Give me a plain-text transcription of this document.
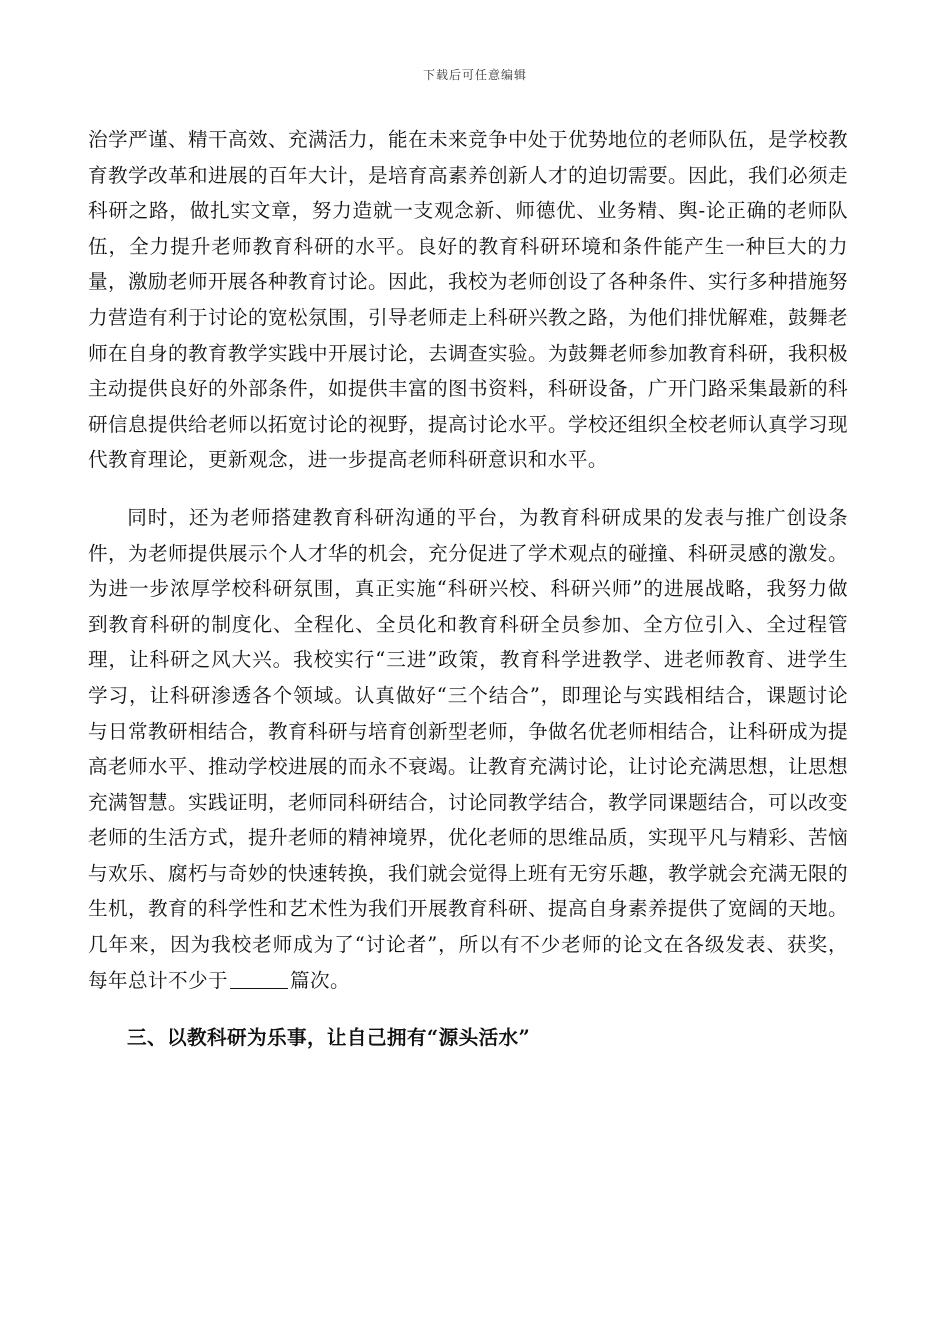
下载后可任意编辑

治学严谨、精干高效、充满活力，能在未来竞争中处于优势地位的老师队伍，是学校教育教学改革和进展的百年大计，是培育高素养创新人才的迫切需要。因此，我们必须走科研之路，做扎实文章，努力造就一支观念新、师德优、业务精、舆-论正确的老师队伍，全力提升老师教育科研的水平。良好的教育科研环境和条件能产生一种巨大的力量，激励老师开展各种教育讨论。因此，我校为老师创设了各种条件、实行多种措施努力营造有利于讨论的宽松氛围，引导老师走上科研兴教之路，为他们排忧解难，鼓舞老师在自身的教育教学实践中开展讨论，去调查实验。为鼓舞老师参加教育科研，我积极主动提供良好的外部条件，如提供丰富的图书资料，科研设备，广开门路采集最新的科研信息提供给老师以拓宽讨论的视野，提高讨论水平。学校还组织全校老师认真学习现代教育理论，更新观念，进一步提高老师科研意识和水平。

同时，还为老师搭建教育科研沟通的平台，为教育科研成果的发表与推广创设条件，为老师提供展示个人才华的机会，充分促进了学术观点的碰撞、科研灵感的激发。为进一步浓厚学校科研氛围，真正实施“科研兴校、科研兴师”的进展战略，我努力做到教育科研的制度化、全程化、全员化和教育科研全员参加、全方位引入、全过程管理，让科研之风大兴。我校实行“三进”政策，教育科学进教学、进老师教育、进学生学习，让科研渗透各个领域。认真做好“三个结合”，即理论与实践相结合，课题讨论与日常教研相结合，教育科研与培育创新型老师，争做名优老师相结合，让科研成为提高老师水平、推动学校进展的而永不衰竭。让教育充满讨论，让讨论充满思想，让思想充满智慧。实践证明，老师同科研结合，讨论同教学结合，教学同课题结合，可以改变老师的生活方式，提升老师的精神境界，优化老师的思维品质，实现平凡与精彩、苦恼与欢乐、腐朽与奇妙的快速转换，我们就会觉得上班有无穷乐趣，教学就会充满无限的生机，教育的科学性和艺术性为我们开展教育科研、提高自身素养提供了宽阔的天地。几年来，因为我校老师成为了“讨论者”，所以有不少老师的论文在各级发表、获奖，每年总计不少于	篇次。

三、以教科研为乐事，让自己拥有“源头活水”
